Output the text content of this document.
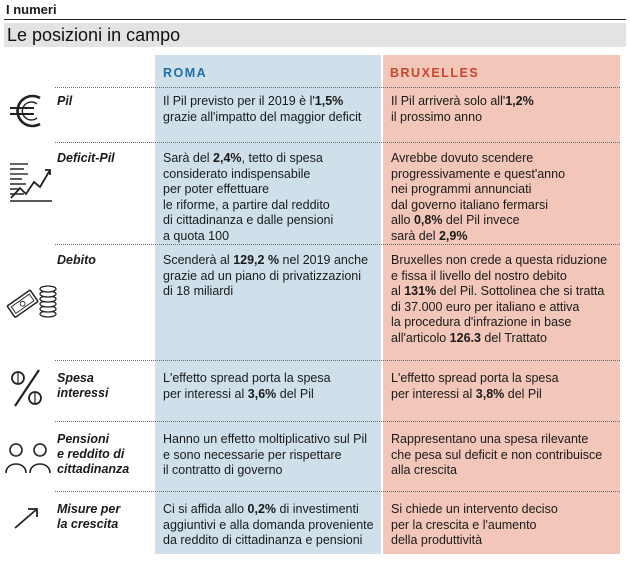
I numeri
Le posizioni in campo
ROMA	BRUXELLES
Pil
Deficit-Pil
Debito
Spesa
interessi
Pensioni
e reddito di
cittadinanza
Misure per
la crescita
Il Pil previsto per il 2019 è l'1,5%
grazie all'impatto del maggior deficit
Il Pil arriverà solo all'1,2%
il prossimo anno
Sarà del 2,4%, tetto di spesa
considerato indispensabile
per poter effettuare
le riforme, a partire dal reddito
di cittadinanza e dalle pensioni
a quota 100
Avrebbe dovuto scendere
progressivamente e quest'anno
nei programmi annunciati
dal governo italiano fermarsi
allo 0,8% del Pil invece
sarà del 2,9%
Scenderà al 129,2 % nel 2019 anche
grazie ad un piano di privatizzazioni
di 18 miliardi
Bruxelles non crede a questa riduzione
e fissa il livello del nostro debito
al 131% del Pil. Sottolinea che si tratta
di 37.000 euro per italiano e attiva
la procedura d'infrazione in base
all'articolo 126.3 del Trattato
L'effetto spread porta la spesa
per interessi al 3,6% del Pil
L'effetto spread porta la spesa
per interessi al 3,8% del Pil
Hanno un effetto moltiplicativo sul Pil
e sono necessarie per rispettare
il contratto di governo
Rappresentano una spesa rilevante
che pesa sul deficit e non contribuisce
alla crescita
Ci si affida allo 0,2% di investimenti
aggiuntivi e alla domanda proveniente
da reddito di cittadinanza e pensioni
Si chiede un intervento deciso
per la crescita e l'aumento
della produttività
